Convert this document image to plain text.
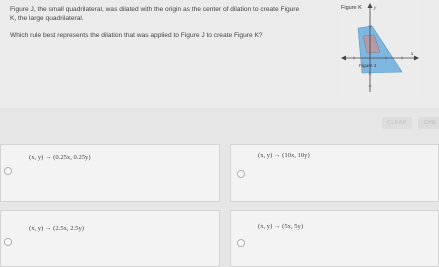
Figure J, the small quadrilateral, was dilated with the origin as the center of dilation to create Figure K, the large quadrilateral.

Which rule best represents the dilation that was applied to Figure J to create Figure K?

Figure K
Figure J
y
x
CLEAR	CHE
(x, y) → (0.25x, 0.25y)	(x, y) → (10x, 10y)
(x, y) → (2.5x, 2.5y)	(x, y) → (5x, 5y)
